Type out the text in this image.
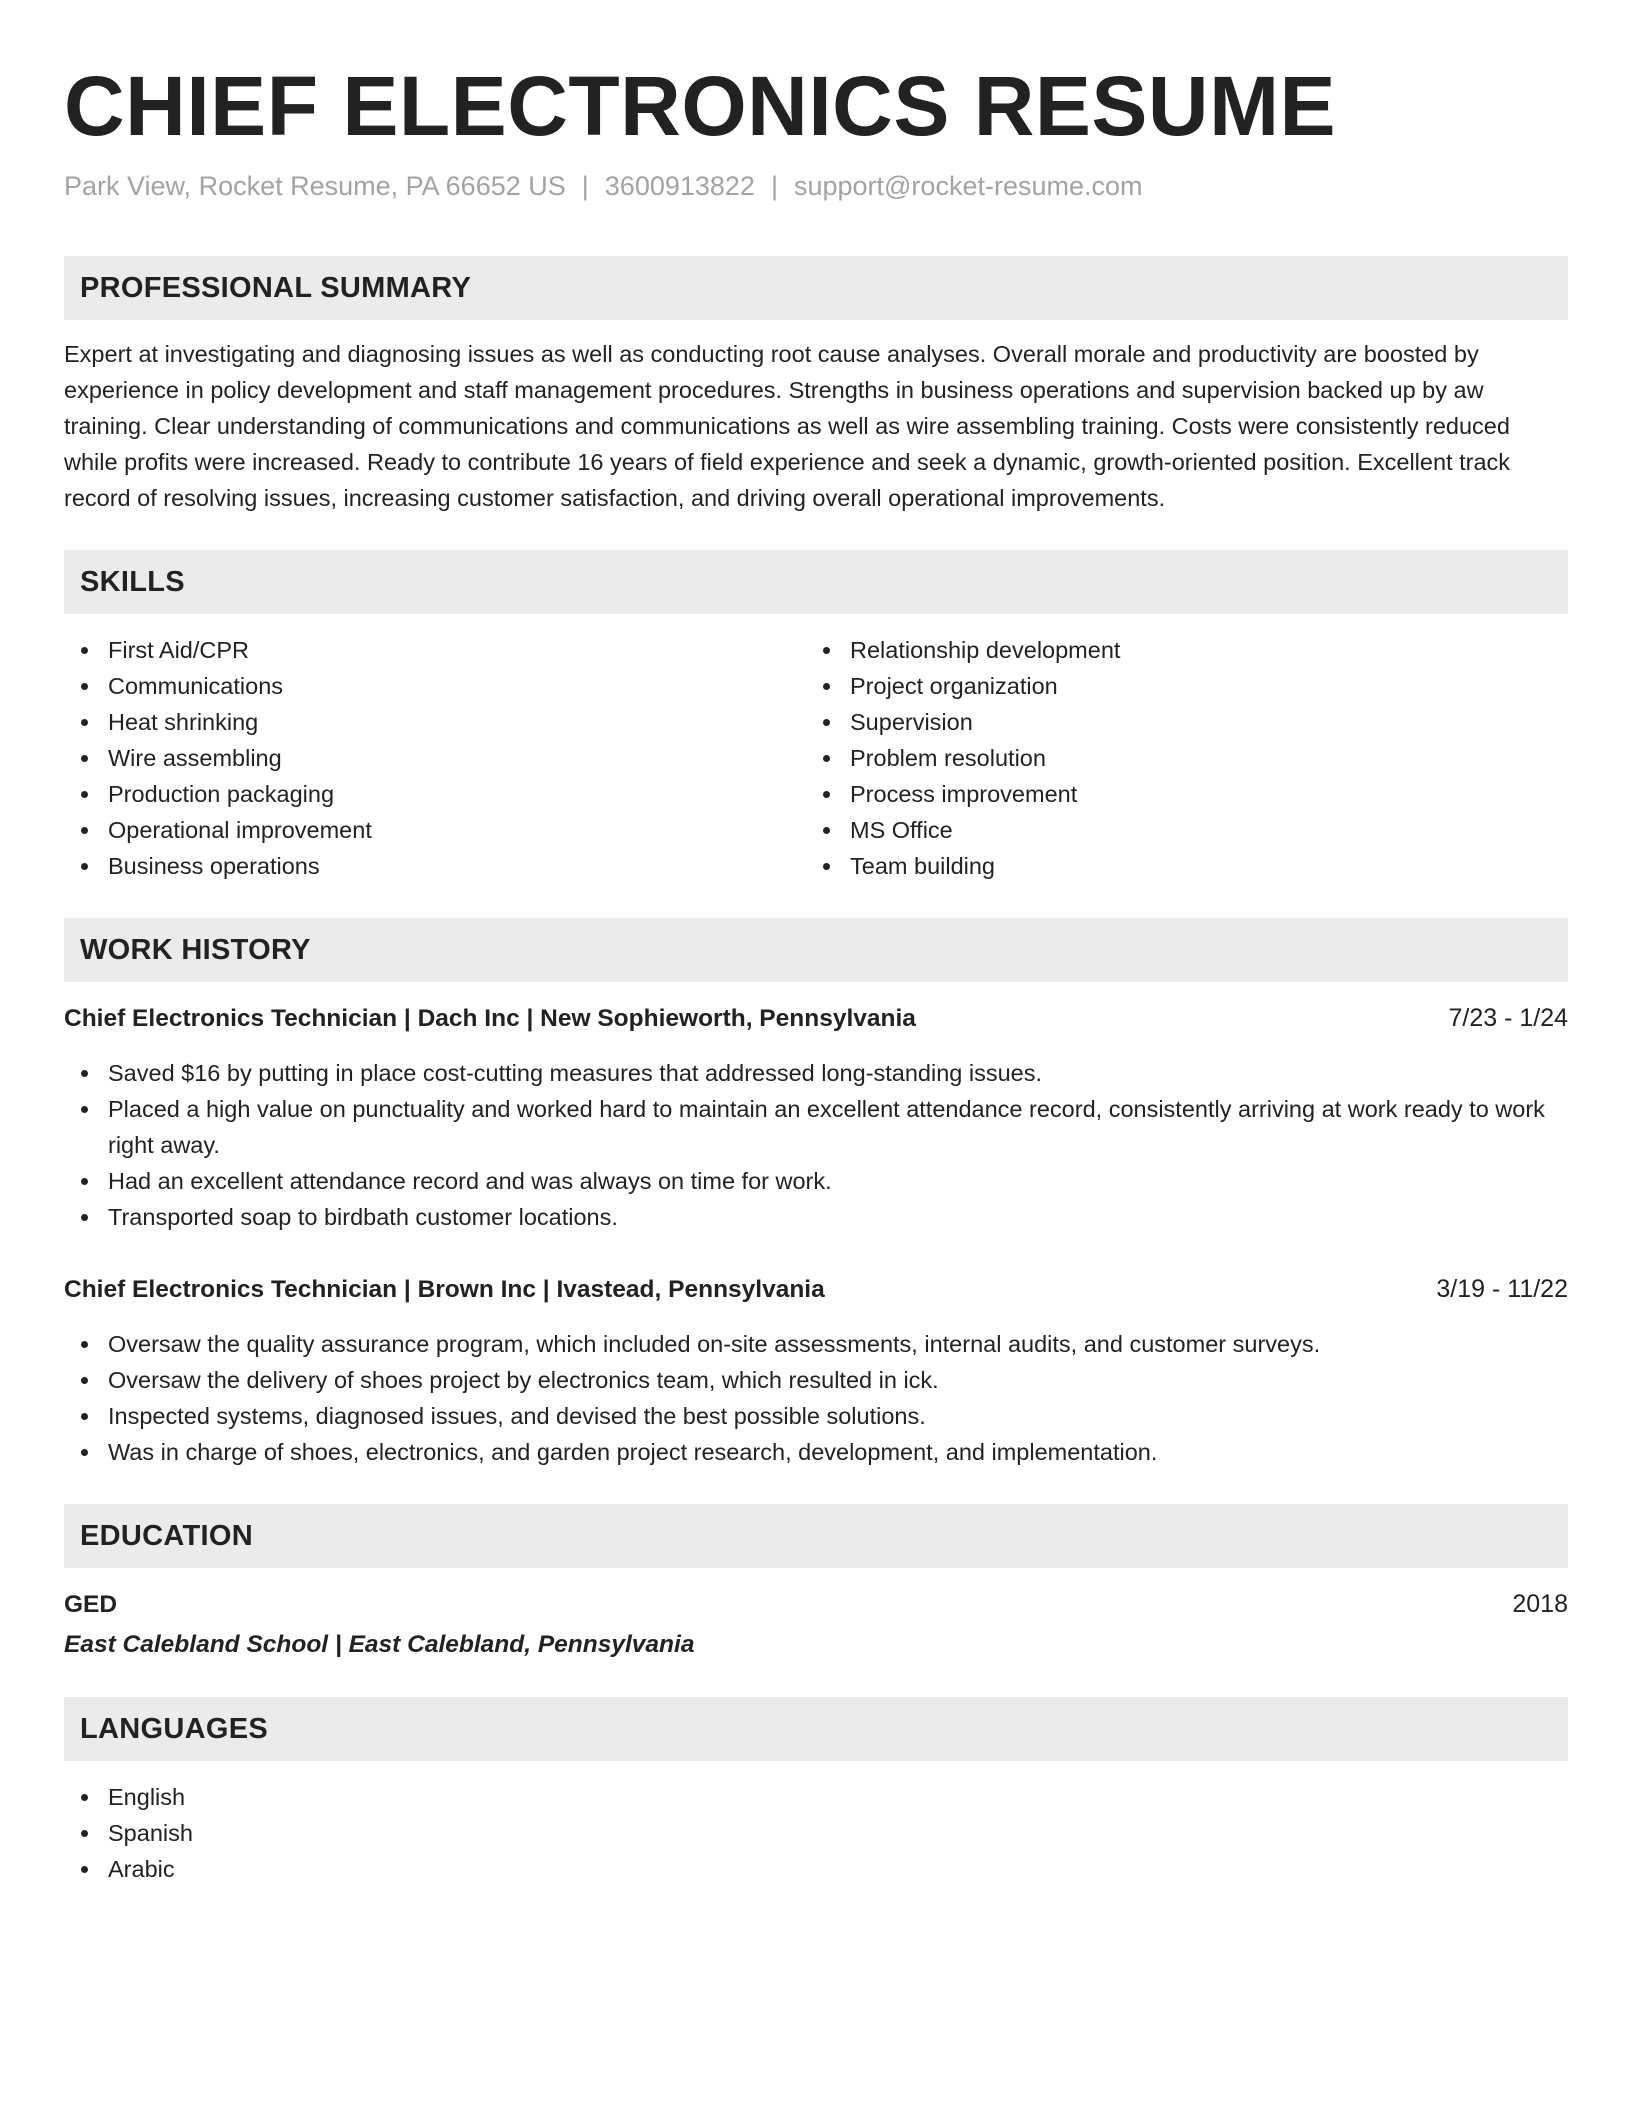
CHIEF ELECTRONICS RESUME
Park View, Rocket Resume, PA 66652 US | 3600913822 | support@rocket-resume.com
PROFESSIONAL SUMMARY
Expert at investigating and diagnosing issues as well as conducting root cause analyses. Overall morale and productivity are boosted by experience in policy development and staff management procedures. Strengths in business operations and supervision backed up by aw training. Clear understanding of communications and communications as well as wire assembling training. Costs were consistently reduced while profits were increased. Ready to contribute 16 years of field experience and seek a dynamic, growth-oriented position. Excellent track record of resolving issues, increasing customer satisfaction, and driving overall operational improvements.
SKILLS
First Aid/CPR
Communications
Heat shrinking
Wire assembling
Production packaging
Operational improvement
Business operations
Relationship development
Project organization
Supervision
Problem resolution
Process improvement
MS Office
Team building
WORK HISTORY
Chief Electronics Technician | Dach Inc | New Sophieworth, Pennsylvania	7/23 - 1/24
Saved $16 by putting in place cost-cutting measures that addressed long-standing issues.
Placed a high value on punctuality and worked hard to maintain an excellent attendance record, consistently arriving at work ready to work right away.
Had an excellent attendance record and was always on time for work.
Transported soap to birdbath customer locations.
Chief Electronics Technician | Brown Inc | Ivastead, Pennsylvania	3/19 - 11/22
Oversaw the quality assurance program, which included on-site assessments, internal audits, and customer surveys.
Oversaw the delivery of shoes project by electronics team, which resulted in ick.
Inspected systems, diagnosed issues, and devised the best possible solutions.
Was in charge of shoes, electronics, and garden project research, development, and implementation.
EDUCATION
GED	2018
East Calebland School | East Calebland, Pennsylvania
LANGUAGES
English
Spanish
Arabic
